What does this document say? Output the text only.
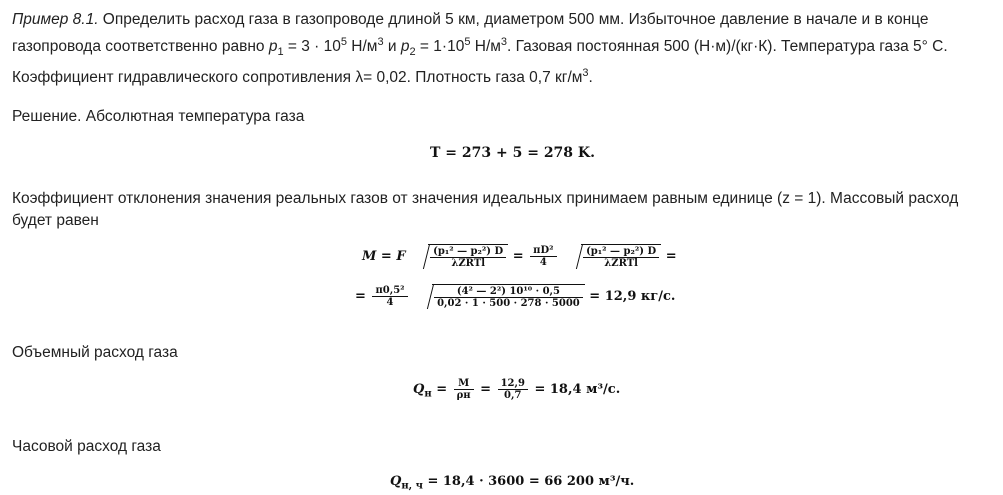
Пример 8.1. Определить расход газа в газопроводе длиной 5 км, диаметром 500 мм. Избыточное давление в начале и в конце
газопровода соответственно равно $p_1 = 3 \cdot 10^5$ $Н/м^3$ и $p_2 = 1\cdot 10^5$ $Н/м^3$. Газовая постоянная 500 (Н·м)/(кг·К). Температура газа 5° С.
Коэффициент гидравлического сопротивления λ= 0,02. Плотность газа 0,7 $кг/м^3$.
Решение. Абсолютная температура газа
T = 273 + 5 = 278 K.
Коэффициент отклонения значения реальных газов от значения идеальных принимаем равным единице (z = 1). Массовый расход
будет равен
M = F $\frac{\text{(p₁² — p₂²) D}}{\text{λZRTl}} = \frac{\text{πD²}}{4}$
	$\frac{\text{(p₁² — p₂²) D}}{\text{λZRTl}}$ =
= $\frac{\text{π0,5²}}{4}$
	$\frac{\text{(4² — 2²) 10¹⁰ · 0,5}}{0,02 \cdot 1 \cdot 500 \cdot 278 \cdot 5000} = 12,9$ кг/с.
Объемный расход газа
$Q_н = \frac{M}{\rho н} = \frac{12,9}{0,7} = 18,4$ м³/с.
Часовой расход газа
$Q_{н, ч} = 18,4 \cdot 3600 = 66$ 200 м³/ч.
